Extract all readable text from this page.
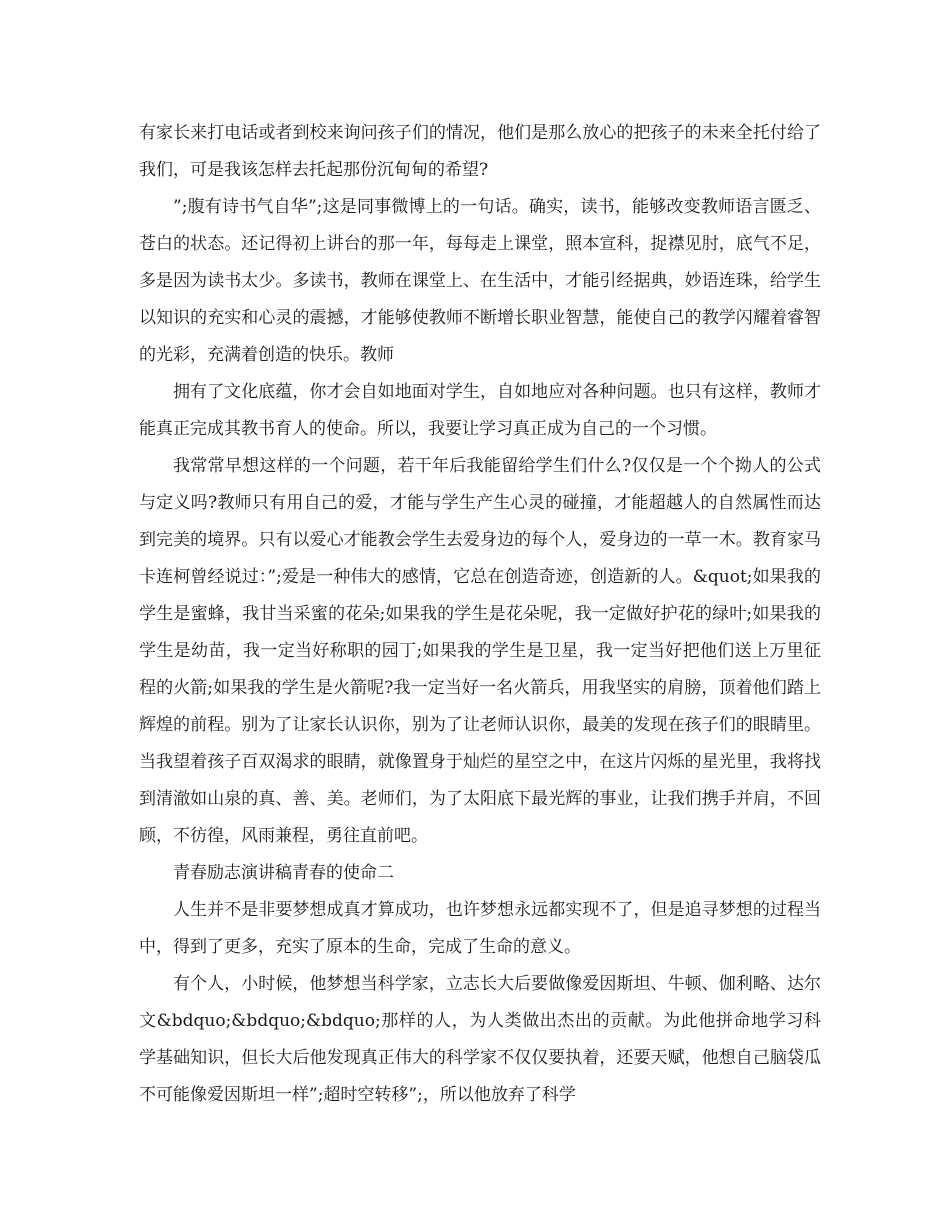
有家长来打电话或者到校来询问孩子们的情况，他们是那么放心的把孩子的未来全托付给了我们，可是我该怎样去托起那份沉甸甸的希望?

”;腹有诗书气自华”;这是同事微博上的一句话。确实，读书，能够改变教师语言匮乏、苍白的状态。还记得初上讲台的那一年，每每走上课堂，照本宣科，捉襟见肘，底气不足，多是因为读书太少。多读书，教师在课堂上、在生活中，才能引经据典，妙语连珠，给学生以知识的充实和心灵的震撼，才能够使教师不断增长职业智慧，能使自己的教学闪耀着睿智的光彩，充满着创造的快乐。教师

拥有了文化底蕴，你才会自如地面对学生，自如地应对各种问题。也只有这样，教师才能真正完成其教书育人的使命。所以，我要让学习真正成为自己的一个习惯。

我常常早想这样的一个问题，若干年后我能留给学生们什么?仅仅是一个个拗人的公式与定义吗?教师只有用自己的爱，才能与学生产生心灵的碰撞，才能超越人的自然属性而达到完美的境界。只有以爱心才能教会学生去爱身边的每个人，爱身边的一草一木。教育家马卡连柯曾经说过：”;爱是一种伟大的感情，它总在创造奇迹，创造新的人。&quot;如果我的学生是蜜蜂，我甘当采蜜的花朵;如果我的学生是花朵呢，我一定做好护花的绿叶;如果我的学生是幼苗，我一定当好称职的园丁;如果我的学生是卫星，我一定当好把他们送上万里征程的火箭;如果我的学生是火箭呢?我一定当好一名火箭兵，用我坚实的肩膀，顶着他们踏上辉煌的前程。别为了让家长认识你，别为了让老师认识你，最美的发现在孩子们的眼睛里。当我望着孩子百双渴求的眼睛，就像置身于灿烂的星空之中，在这片闪烁的星光里，我将找到清澈如山泉的真、善、美。老师们，为了太阳底下最光辉的事业，让我们携手并肩，不回顾，不彷徨，风雨兼程，勇往直前吧。

青春励志演讲稿青春的使命二

人生并不是非要梦想成真才算成功，也许梦想永远都实现不了，但是追寻梦想的过程当中，得到了更多，充实了原本的生命，完成了生命的意义。

有个人，小时候，他梦想当科学家，立志长大后要做像爱因斯坦、牛顿、伽利略、达尔文&bdquo;&bdquo;&bdquo;那样的人，为人类做出杰出的贡献。为此他拼命地学习科学基础知识，但长大后他发现真正伟大的科学家不仅仅要执着，还要天赋，他想自己脑袋瓜不可能像爱因斯坦一样”;超时空转移”;，所以他放弃了科学
